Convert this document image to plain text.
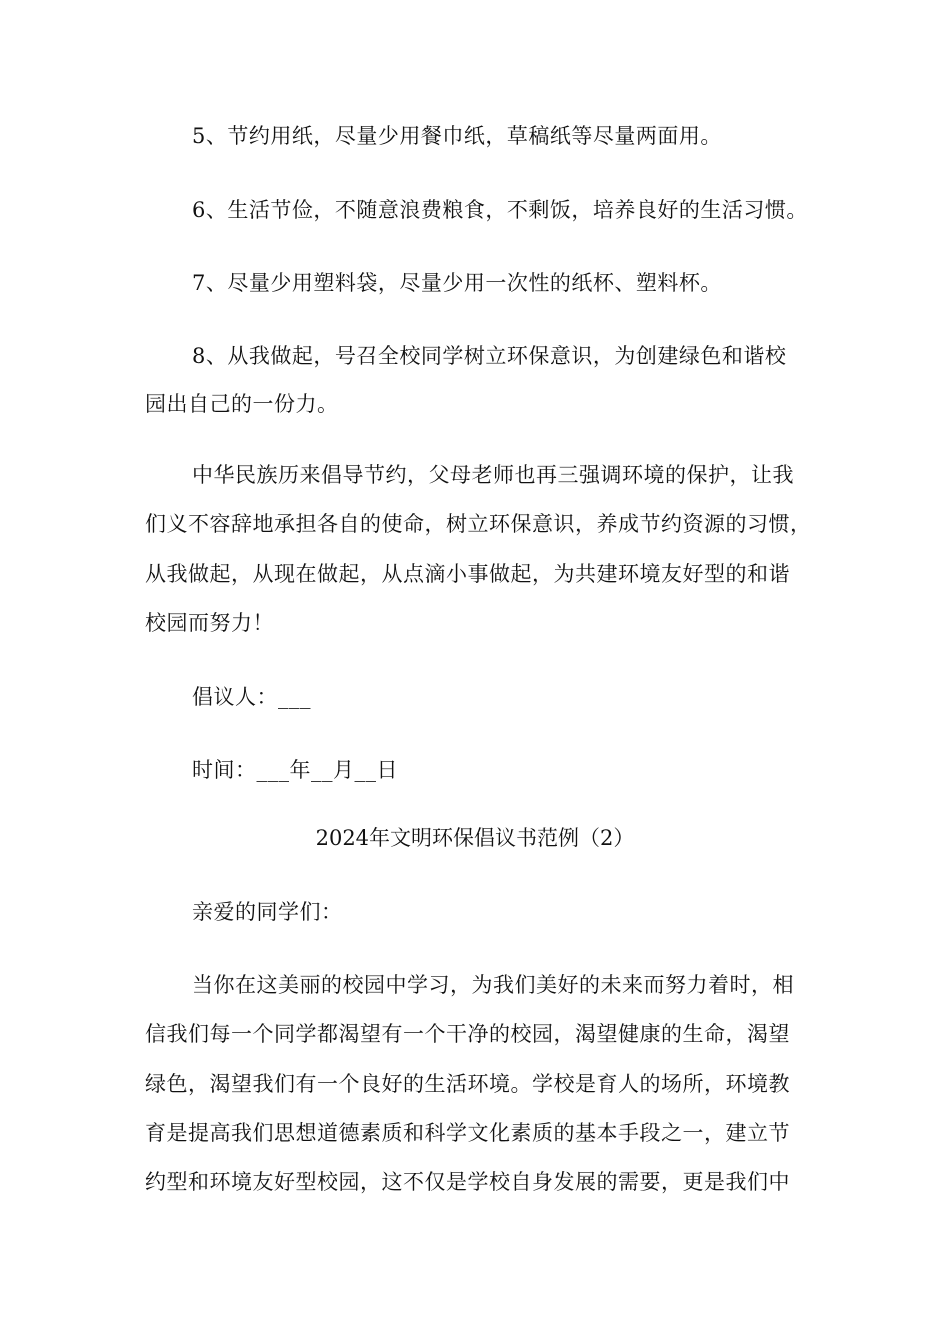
5、节约用纸，尽量少用餐巾纸，草稿纸等尽量两面用。
6、生活节俭，不随意浪费粮食，不剩饭，培养良好的生活习惯。
7、尽量少用塑料袋，尽量少用一次性的纸杯、塑料杯。
8、从我做起，号召全校同学树立环保意识，为创建绿色和谐校
园出自己的一份力。
中华民族历来倡导节约，父母老师也再三强调环境的保护，让我
们义不容辞地承担各自的使命，树立环保意识，养成节约资源的习惯，
从我做起，从现在做起，从点滴小事做起，为共建环境友好型的和谐
校园而努力！
倡议人：___
时间：___年__月__日
2024年文明环保倡议书范例（2）
亲爱的同学们：
当你在这美丽的校园中学习，为我们美好的未来而努力着时，相
信我们每一个同学都渴望有一个干净的校园，渴望健康的生命，渴望
绿色，渴望我们有一个良好的生活环境。学校是育人的场所，环境教
育是提高我们思想道德素质和科学文化素质的基本手段之一，建立节
约型和环境友好型校园，这不仅是学校自身发展的需要，更是我们中
